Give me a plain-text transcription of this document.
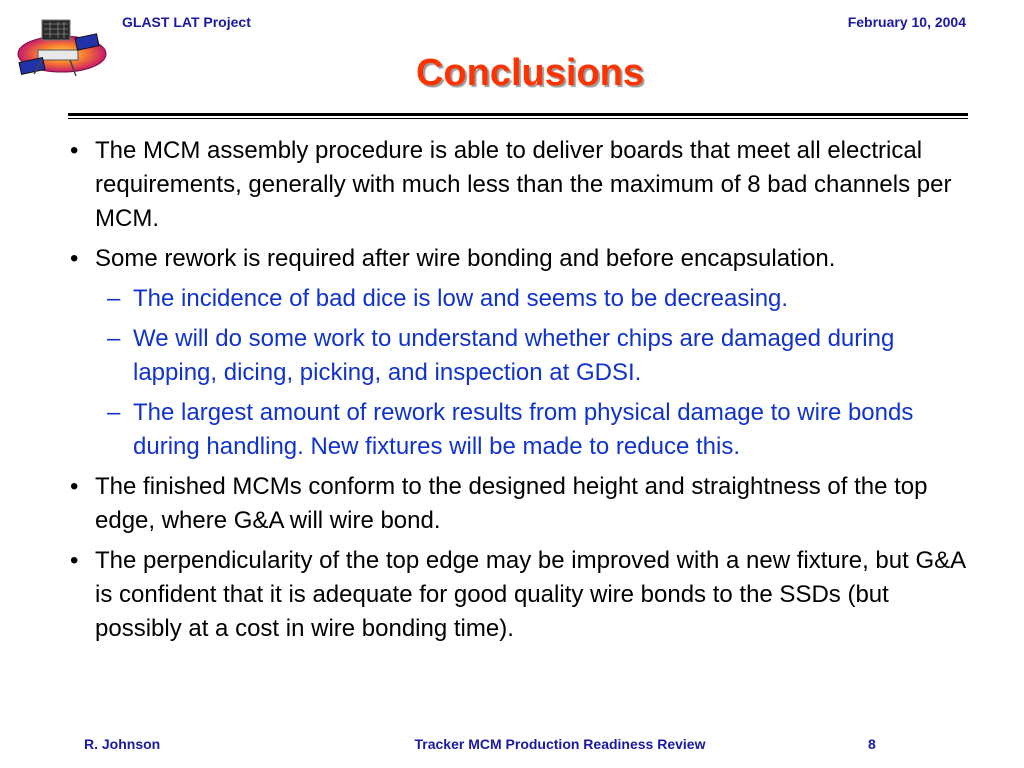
GLAST LAT Project	February 10, 2004
Conclusions
• The MCM assembly procedure is able to deliver boards that meet all electrical requirements, generally with much less than the maximum of 8 bad channels per MCM.
• Some rework is required after wire bonding and before encapsulation.
– The incidence of bad dice is low and seems to be decreasing.
– We will do some work to understand whether chips are damaged during lapping, dicing, picking, and inspection at GDSI.
– The largest amount of rework results from physical damage to wire bonds during handling. New fixtures will be made to reduce this.
• The finished MCMs conform to the designed height and straightness of the top edge, where G&A will wire bond.
• The perpendicularity of the top edge may be improved with a new fixture, but G&A is confident that it is adequate for good quality wire bonds to the SSDs (but possibly at a cost in wire bonding time).
R. Johnson	Tracker MCM Production Readiness Review	8
